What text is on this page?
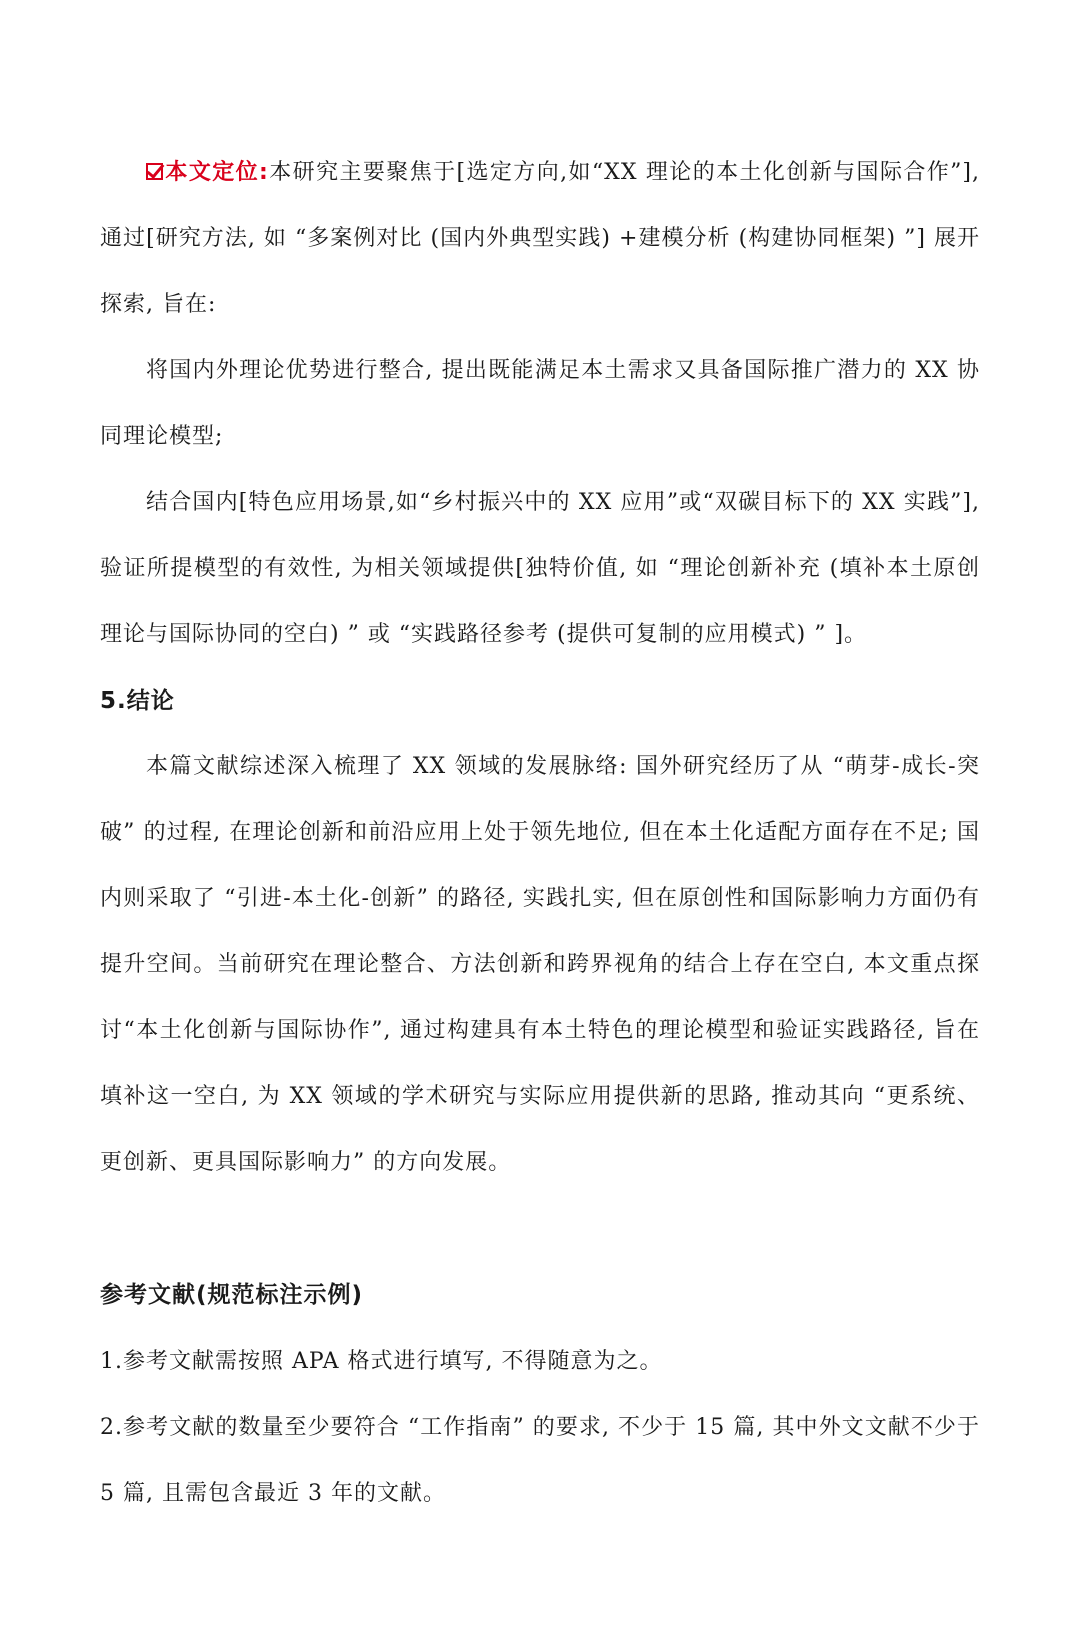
本文定位:本研究主要聚焦于[选定方向,如“XX 理论的本土化创新与国际合作”],通过[研究方法, 如 “多案例对比 (国内外典型实践) +建模分析 (构建协同框架) ”] 展开探索, 旨在:

将国内外理论优势进行整合, 提出既能满足本土需求又具备国际推广潜力的 XX 协同理论模型;

结合国内[特色应用场景,如“乡村振兴中的 XX 应用”或“双碳目标下的 XX 实践”], 验证所提模型的有效性, 为相关领域提供[独特价值, 如 “理论创新补充 (填补本土原创理论与国际协同的空白) ” 或 “实践路径参考 (提供可复制的应用模式) ” ]。

5.结论

本篇文献综述深入梳理了 XX 领域的发展脉络: 国外研究经历了从 “萌芽-成长-突破” 的过程, 在理论创新和前沿应用上处于领先地位, 但在本土化适配方面存在不足; 国内则采取了 “引进-本土化-创新” 的路径, 实践扎实, 但在原创性和国际影响力方面仍有提升空间。当前研究在理论整合、方法创新和跨界视角的结合上存在空白, 本文重点探讨“本土化创新与国际协作”, 通过构建具有本土特色的理论模型和验证实践路径, 旨在填补这一空白, 为 XX 领域的学术研究与实际应用提供新的思路, 推动其向 “更系统、更创新、更具国际影响力” 的方向发展。

参考文献(规范标注示例)

1.参考文献需按照 APA 格式进行填写, 不得随意为之。

2.参考文献的数量至少要符合 “工作指南” 的要求, 不少于 15 篇, 其中外文文献不少于 5 篇, 且需包含最近 3 年的文献。
